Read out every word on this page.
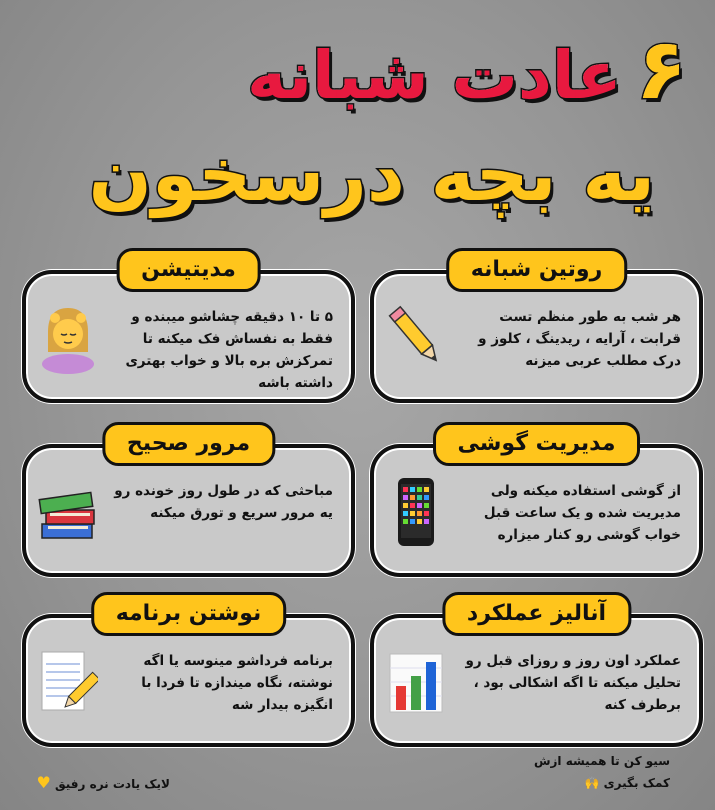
۶عادت شبانه
یه بچه درسخون
روتین شبانه
هر شب به طور منظم تست قرابت ، آرایه ، ریدینگ ، کلوز و درک مطلب عربی میزنه
مدیتیشن
۵ تا ۱۰ دقیقه چشاشو میبنده و فقط به نفساش فک میکنه تا تمرکزش بره بالا و خواب بهتری داشته باشه
مدیریت گوشی
از گوشی استفاده میکنه ولی مدیریت شده و یک ساعت قبل خواب گوشی رو کنار میزاره
مرور صحیح
مباحثی که در طول روز خونده رو یه مرور سریع و تورق میکنه
آنالیز عملکرد
عملکرد اون روز و روزای قبل رو تحلیل میکنه تا اگه اشکالی بود ، برطرف کنه
نوشتن برنامه
برنامه فرداشو مینوسه یا اگه نوشته، نگاه میندازه تا فردا با انگیزه بیدار شه
سیو کن تا همیشه ازش
کمک بگیری 🙌
لایک یادت نره رفیق ♥
